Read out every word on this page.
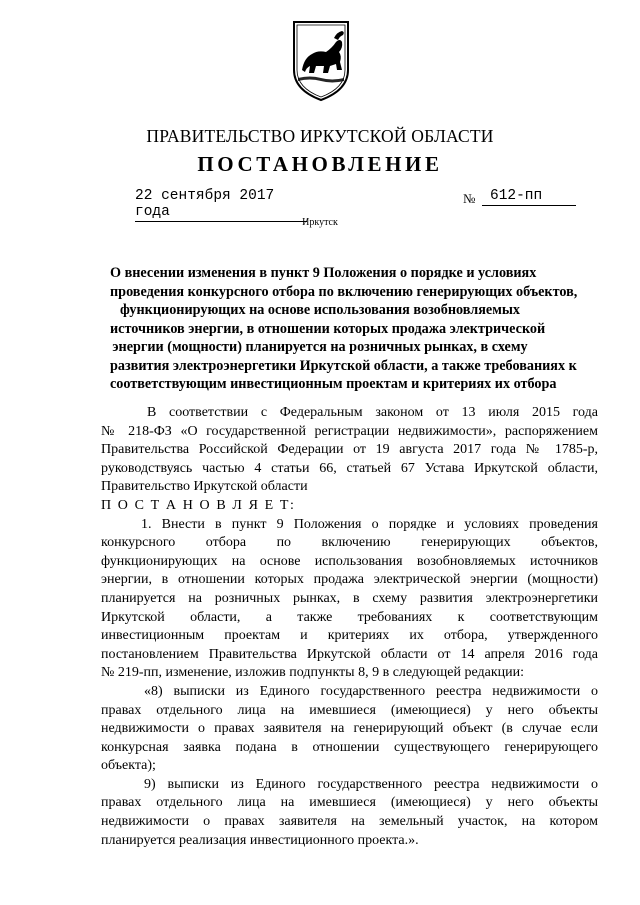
ПРАВИТЕЛЬСТВО ИРКУТСКОЙ ОБЛАСТИ
ПОСТАНОВЛЕНИЕ
22 сентября 2017 года
№	612-пп
Иркутск
О внесении изменения в пункт 9 Положения о порядке и условиях
проведения конкурсного отбора по включению генерирующих объектов,
функционирующих на основе использования возобновляемых
источников энергии, в отношении которых продажа электрической
энергии (мощности) планируется на розничных рынках, в схему
развития электроэнергетики Иркутской области, а также требованиях к
соответствующим инвестиционным проектам и критериях их отбора
В соответствии с Федеральным законом от 13 июля 2015 года
№ 218-ФЗ «О государственной регистрации недвижимости», распоряжением
Правительства Российской Федерации от 19 августа 2017 года № 1785-р,
руководствуясь частью 4 статьи 66, статьей 67 Устава Иркутской области,
Правительство Иркутской области
П О С Т А Н О В Л Я Е Т:
1. Внести в пункт 9 Положения о порядке и условиях проведения
конкурсного отбора по включению генерирующих объектов,
функционирующих на основе использования возобновляемых источников
энергии, в отношении которых продажа электрической энергии (мощности)
планируется на розничных рынках, в схему развития электроэнергетики
Иркутской области, а также требованиях к соответствующим
инвестиционным проектам и критериях их отбора, утвержденного
постановлением Правительства Иркутской области от 14 апреля 2016 года
№ 219-пп, изменение, изложив подпункты 8, 9 в следующей редакции:
«8) выписки из Единого государственного реестра недвижимости о
правах отдельного лица на имевшиеся (имеющиеся) у него объекты
недвижимости о правах заявителя на генерирующий объект (в случае если
конкурсная заявка подана в отношении существующего генерирующего
объекта);
9) выписки из Единого государственного реестра недвижимости о
правах отдельного лица на имевшиеся (имеющиеся) у него объекты
недвижимости о правах заявителя на земельный участок, на котором
планируется реализация инвестиционного проекта.».
